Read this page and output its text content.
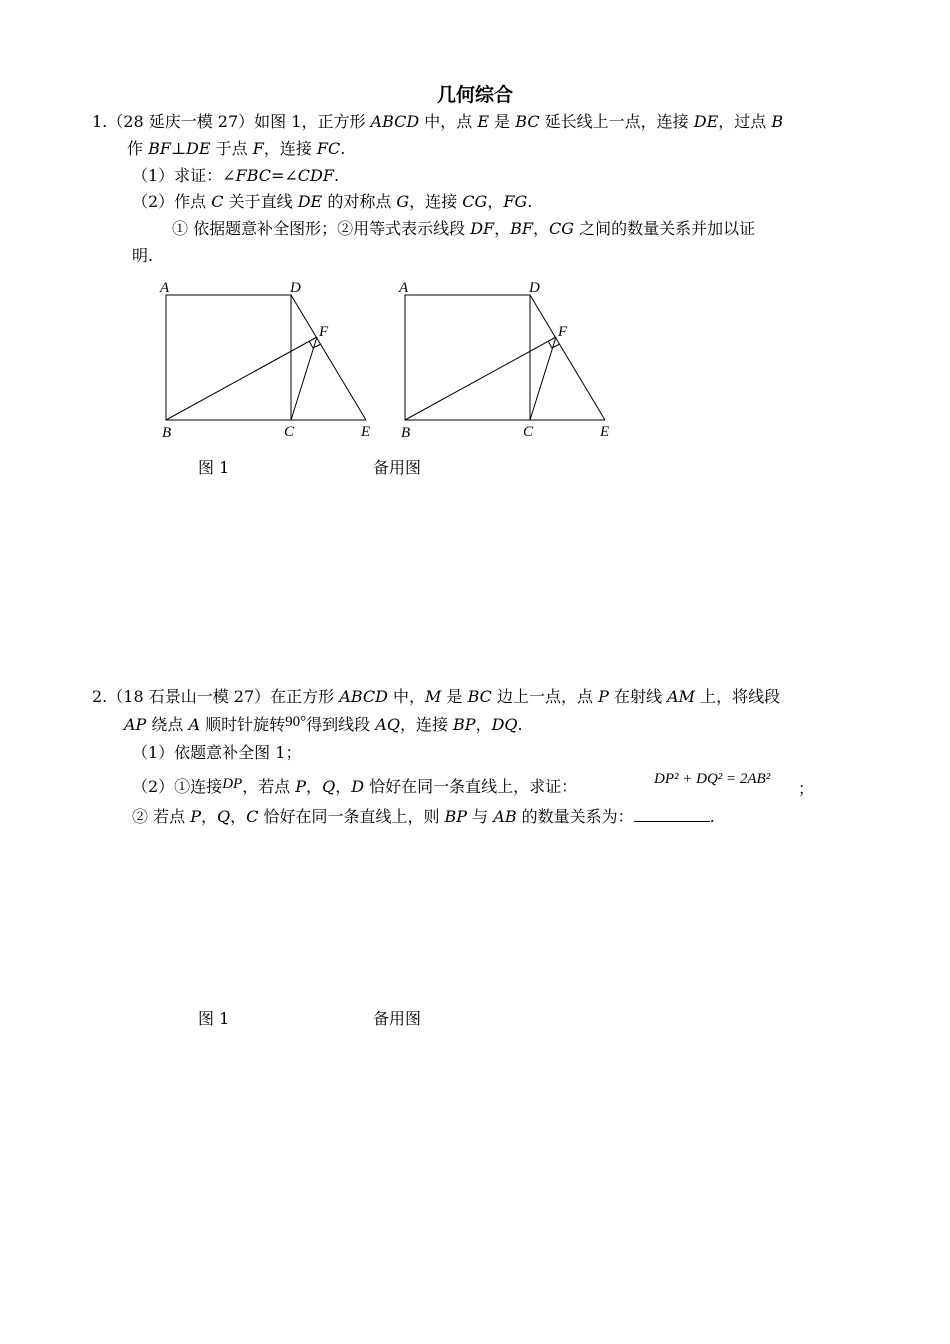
几何综合
1.（28 延庆一模 27）如图 1，正方形 ABCD 中，点 E 是 BC 延长线上一点，连接 DE，过点 B
作 BF⊥DE 于点 F，连接 FC.
（1）求证：∠FBC=∠CDF.
（2）作点 C 关于直线 DE 的对称点 G，连接 CG，FG.
① 依据题意补全图形；②用等式表示线段 DF，BF，CG 之间的数量关系并加以证
明.
A	D
F
B	C	E
A	D
F
B	C	E
图 1	备用图
2.（18 石景山一模 27）在正方形 ABCD 中，M 是 BC 边上一点，点 P 在射线 AM 上，将线段
AP 绕点 A 顺时针旋转90°得到线段 AQ，连接 BP，DQ.
（1）依题意补全图 1；
（2）①连接DP，若点 P，Q，D 恰好在同一条直线上，求证：	DP² + DQ² = 2AB² ；
② 若点 P，Q，C 恰好在同一条直线上，则 BP 与 AB 的数量关系为：	.
图 1	备用图
